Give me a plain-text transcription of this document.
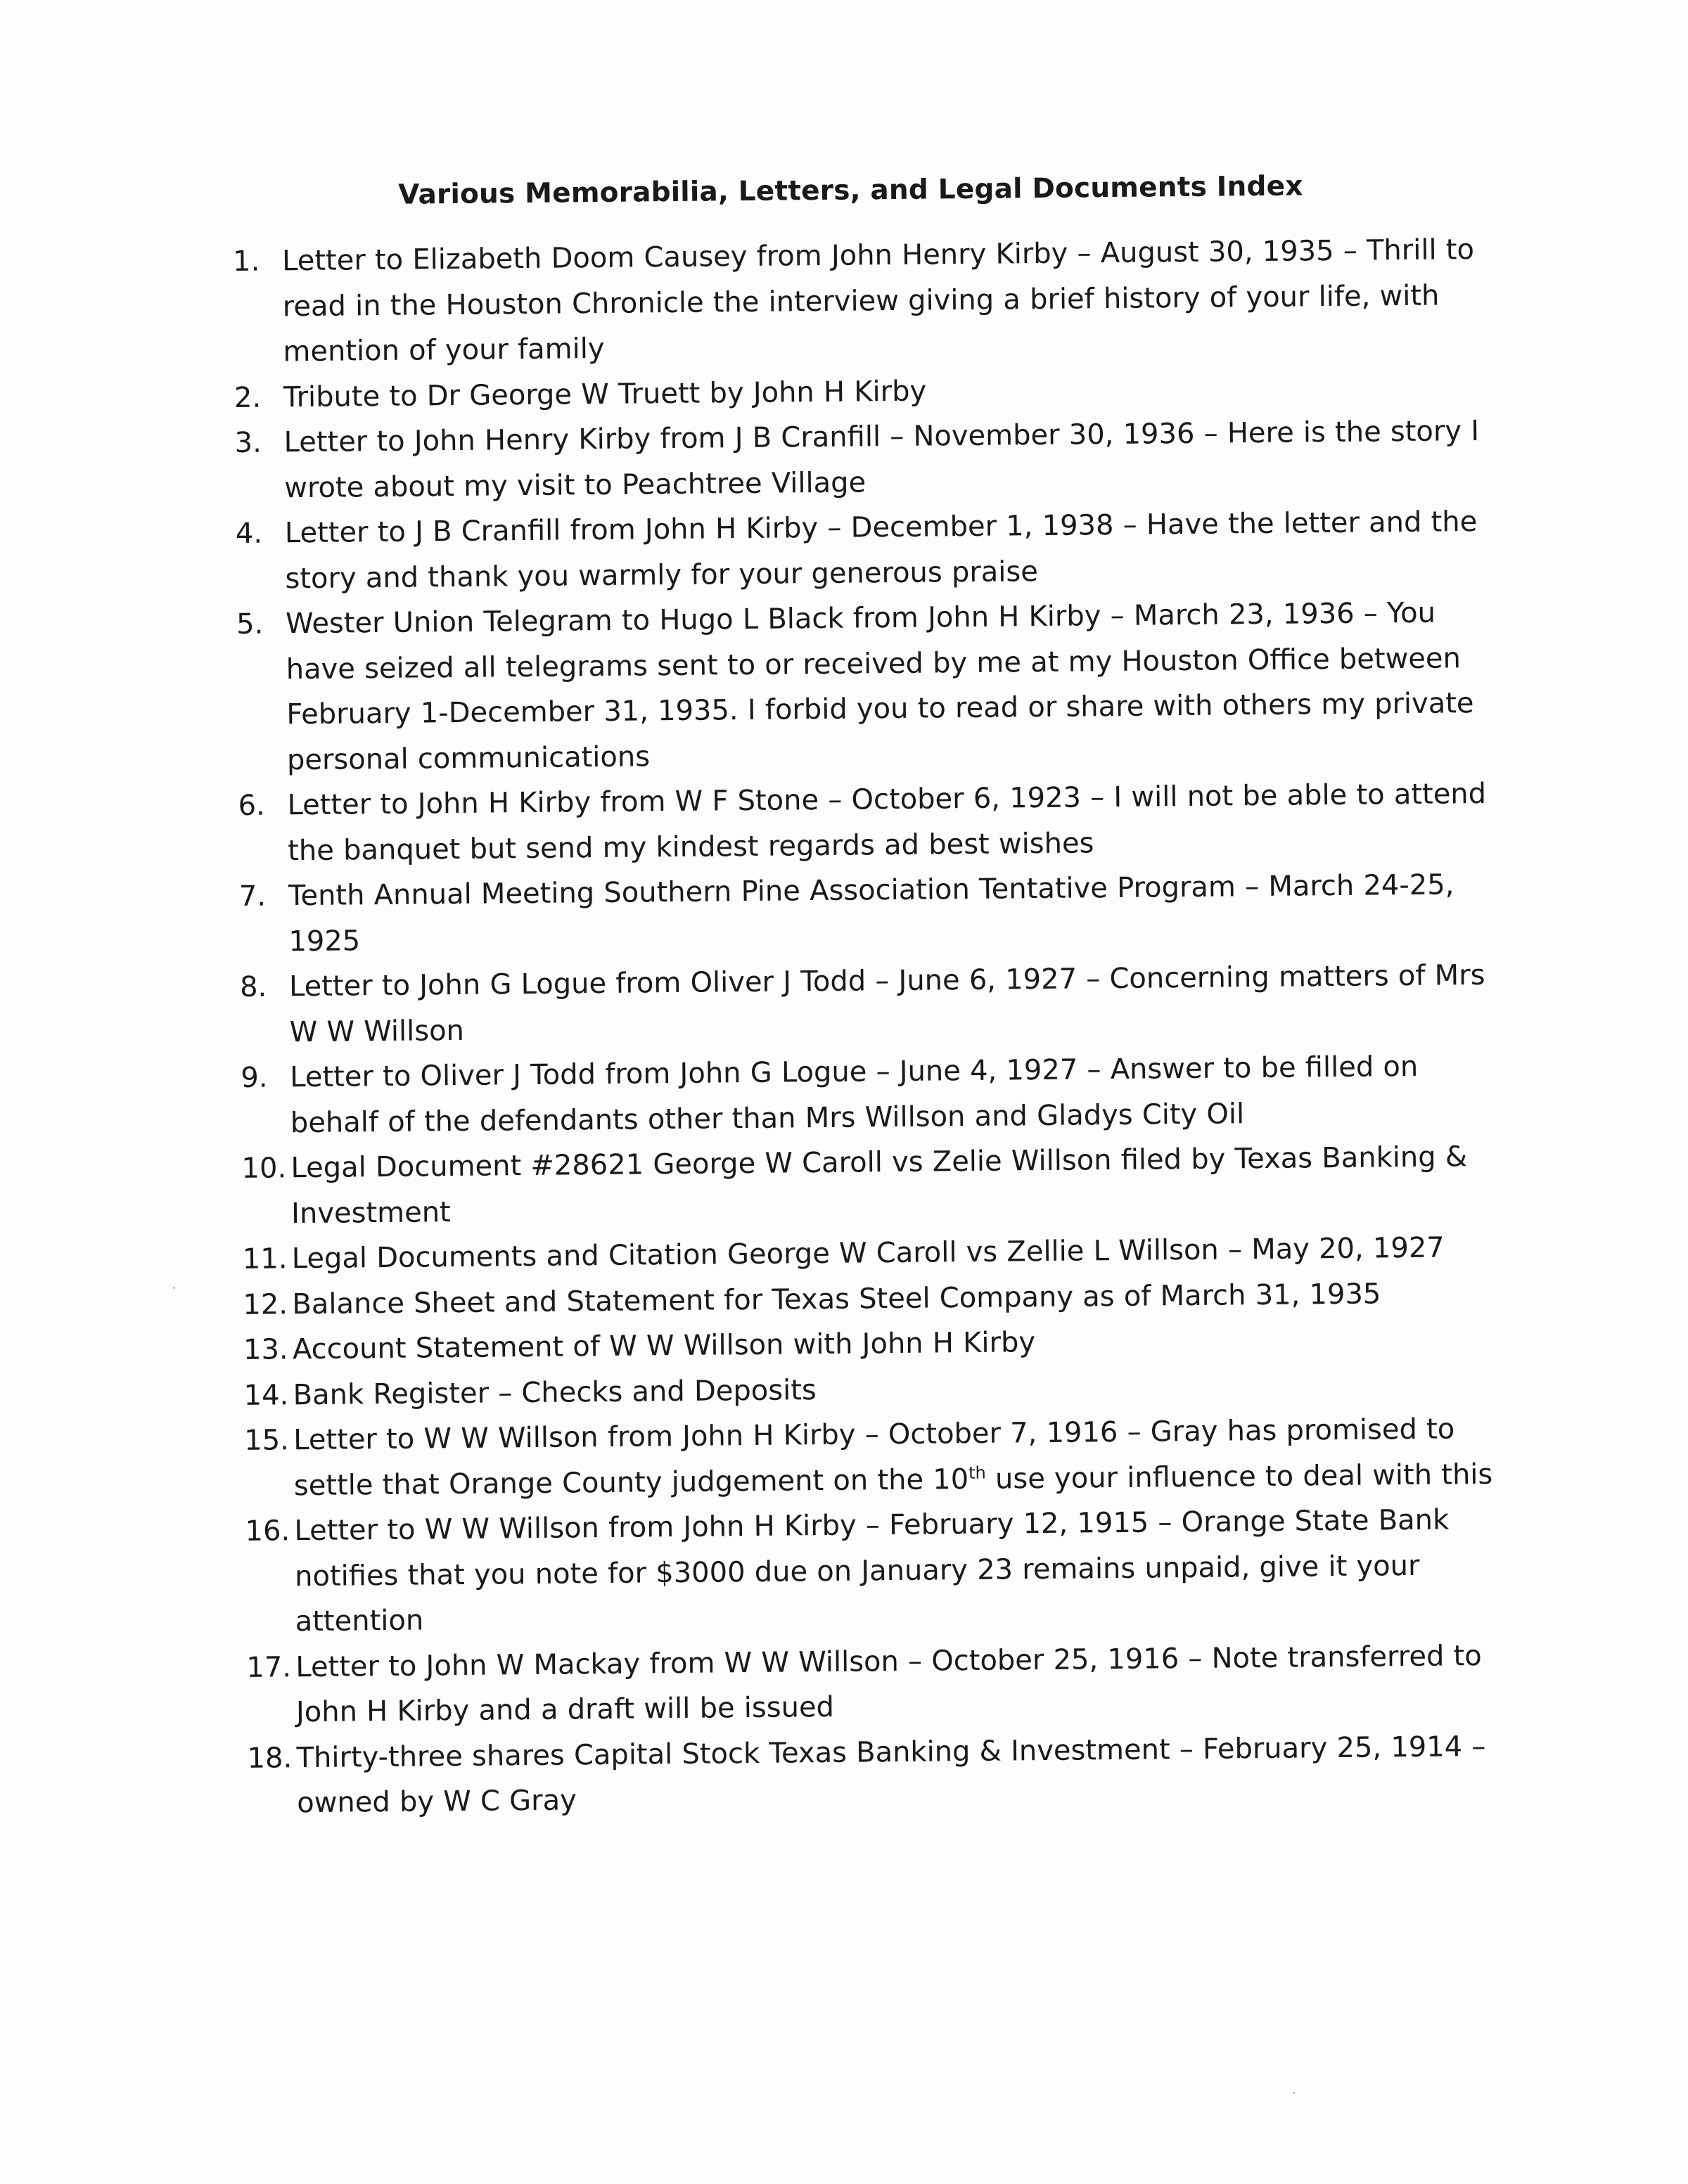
Various Memorabilia, Letters, and Legal Documents Index
1. Letter to Elizabeth Doom Causey from John Henry Kirby – August 30, 1935 – Thrill to read in the Houston Chronicle the interview giving a brief history of your life, with mention of your family
2. Tribute to Dr George W Truett by John H Kirby
3. Letter to John Henry Kirby from J B Cranfill – November 30, 1936 – Here is the story I wrote about my visit to Peachtree Village
4. Letter to J B Cranfill from John H Kirby – December 1, 1938 – Have the letter and the story and thank you warmly for your generous praise
5. Wester Union Telegram to Hugo L Black from John H Kirby – March 23, 1936 – You have seized all telegrams sent to or received by me at my Houston Office between February 1-December 31, 1935. I forbid you to read or share with others my private personal communications
6. Letter to John H Kirby from W F Stone – October 6, 1923 – I will not be able to attend the banquet but send my kindest regards ad best wishes
7. Tenth Annual Meeting Southern Pine Association Tentative Program – March 24-25, 1925
8. Letter to John G Logue from Oliver J Todd – June 6, 1927 – Concerning matters of Mrs W W Willson
9. Letter to Oliver J Todd from John G Logue – June 4, 1927 – Answer to be filled on behalf of the defendants other than Mrs Willson and Gladys City Oil
10. Legal Document #28621 George W Caroll vs Zelie Willson filed by Texas Banking & Investment
11. Legal Documents and Citation George W Caroll vs Zellie L Willson – May 20, 1927
12. Balance Sheet and Statement for Texas Steel Company as of March 31, 1935
13. Account Statement of W W Willson with John H Kirby
14. Bank Register – Checks and Deposits
15. Letter to W W Willson from John H Kirby – October 7, 1916 – Gray has promised to settle that Orange County judgement on the 10th use your influence to deal with this
16. Letter to W W Willson from John H Kirby – February 12, 1915 – Orange State Bank notifies that you note for $3000 due on January 23 remains unpaid, give it your attention
17. Letter to John W Mackay from W W Willson – October 25, 1916 – Note transferred to John H Kirby and a draft will be issued
18. Thirty-three shares Capital Stock Texas Banking & Investment – February 25, 1914 – owned by W C Gray
